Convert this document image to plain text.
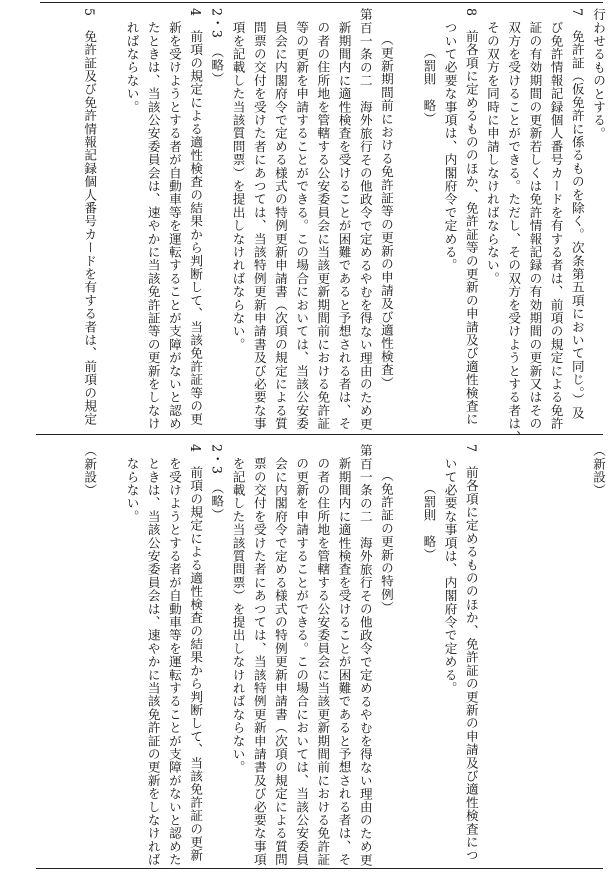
行わせるものとする。
7　免許証（仮免許に係るものを除く。次条第五項において同じ。）及
び免許情報記録個人番号カードを有する者は、前項の規定による免許
証の有効期間の更新若しくは免許情報記録の有効期間の更新又はその
双方を受けることができる。ただし、その双方を受けようとする者は、
その双方を同時に申請しなければならない。
8　前各項に定めるもののほか、免許証等の更新の申請及び適性検査に
ついて必要な事項は、内閣府令で定める。
（罰則　略）

（更新期間前における免許証等の更新の申請及び適性検査）
第百一条の二　海外旅行その他政令で定めるやむを得ない理由のため更
新期間内に適性検査を受けることが困難であると予想される者は、そ
の者の住所地を管轄する公安委員会に当該更新期間前における免許証
等の更新を申請することができる。この場合においては、当該公安委
員会に内閣府令で定める様式の特例更新申請書（次項の規定による質
問票の交付を受けた者にあつては、当該特例更新申請書及び必要な事
項を記載した当該質問票）を提出しなければならない。
2・3　（略）
4　前項の規定による適性検査の結果から判断して、当該免許証等の更
新を受けようとする者が自動車等を運転することが支障がないと認め
たときは、当該公安委員会は、速やかに当該免許証等の更新をしなけ
ればならない。

5　免許証及び免許情報記録個人番号カードを有する者は、前項の規定
（新設）

7　前各項に定めるもののほか、免許証の更新の申請及び適性検査につ
いて必要な事項は、内閣府令で定める。
（罰則　略）

（免許証の更新の特例）
第百一条の二　海外旅行その他政令で定めるやむを得ない理由のため更
新期間内に適性検査を受けることが困難であると予想される者は、そ
の者の住所地を管轄する公安委員会に当該更新期間前における免許証
の更新を申請することができる。この場合においては、当該公安委員
会に内閣府令で定める様式の特例更新申請書（次項の規定による質問
票の交付を受けた者にあつては、当該特例更新申請書及び必要な事項
を記載した当該質問票）を提出しなければならない。
2・3　（略）
4　前項の規定による適性検査の結果から判断して、当該免許証の更新
を受けようとする者が自動車等を運転することが支障がないと認めた
ときは、当該公安委員会は、速やかに当該免許証の更新をしなければ
ならない。

（新設）
